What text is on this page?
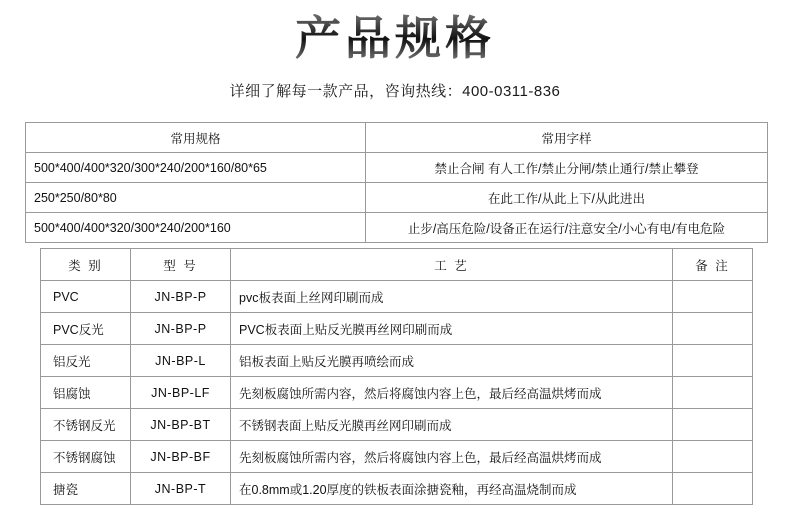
产品规格
详细了解每一款产品，咨询热线：400-0311-836
常用规格	常用字样
500*400/400*320/300*240/200*160/80*65	禁止合闸 有人工作/禁止分闸/禁止通行/禁止攀登
250*250/80*80	在此工作/从此上下/从此进出
500*400/400*320/300*240/200*160	止步/高压危险/设备正在运行/注意安全/小心有电/有电危险
类 别	型 号	工 艺	备 注
PVC	JN-BP-P	pvc板表面上丝网印刷而成	
PVC反光	JN-BP-P	PVC板表面上贴反光膜再丝网印刷而成	
铝反光	JN-BP-L	铝板表面上贴反光膜再喷绘而成	
铝腐蚀	JN-BP-LF	先刻板腐蚀所需内容，然后将腐蚀内容上色，最后经高温烘烤而成	
不锈钢反光	JN-BP-BT	不锈钢表面上贴反光膜再丝网印刷而成	
不锈钢腐蚀	JN-BP-BF	先刻板腐蚀所需内容，然后将腐蚀内容上色，最后经高温烘烤而成	
搪瓷	JN-BP-T	在0.8mm或1.20厚度的铁板表面涂搪瓷釉，再经高温烧制而成	
